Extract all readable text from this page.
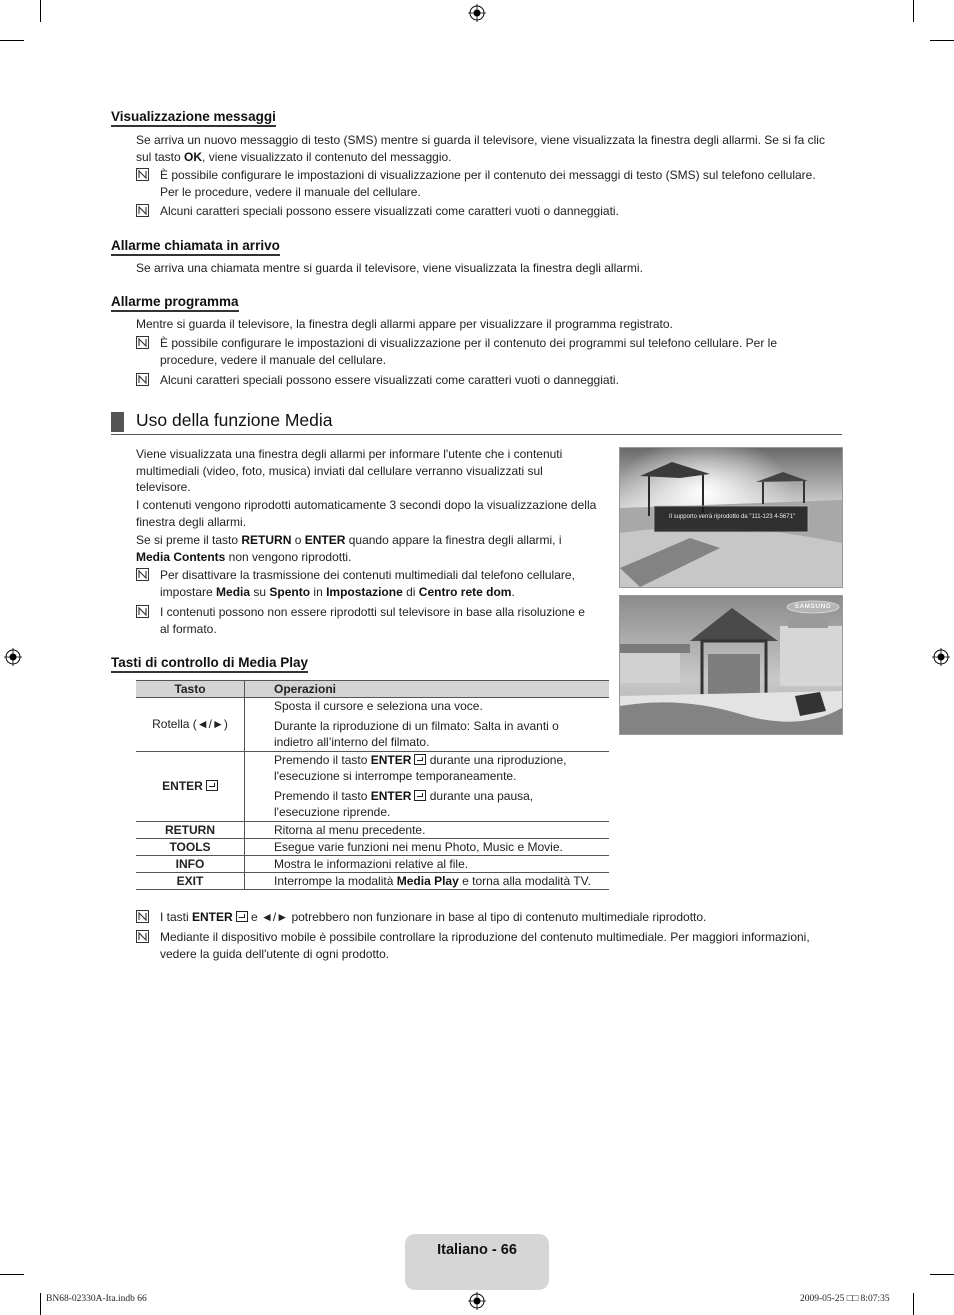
Visualizzazione messaggi
Se arriva un nuovo messaggio di testo (SMS) mentre si guarda il televisore, viene visualizzata la finestra degli allarmi. Se si fa clic
sul tasto OK, viene visualizzato il contenuto del messaggio.
È possibile configurare le impostazioni di visualizzazione per il contenuto dei messaggi di testo (SMS) sul telefono cellulare.
Per le procedure, vedere il manuale del cellulare.
Alcuni caratteri speciali possono essere visualizzati come caratteri vuoti o danneggiati.
Allarme chiamata in arrivo
Se arriva una chiamata mentre si guarda il televisore, viene visualizzata la finestra degli allarmi.
Allarme programma
Mentre si guarda il televisore, la finestra degli allarmi appare per visualizzare il programma registrato.
È possibile configurare le impostazioni di visualizzazione per il contenuto dei programmi sul telefono cellulare. Per le
procedure, vedere il manuale del cellulare.
Alcuni caratteri speciali possono essere visualizzati come caratteri vuoti o danneggiati.
Uso della funzione Media
Viene visualizzata una finestra degli allarmi per informare l'utente che i contenuti
multimediali (video, foto, musica) inviati dal cellulare verranno visualizzati sul
televisore.
I contenuti vengono riprodotti automaticamente 3 secondi dopo la visualizzazione della
finestra degli allarmi.
Se si preme il tasto RETURN o ENTER quando appare la finestra degli allarmi, i
Media Contents non vengono riprodotti.
Per disattivare la trasmissione dei contenuti multimediali dal telefono cellulare,
impostare Media su Spento in Impostazione di Centro rete dom.
I contenuti possono non essere riprodotti sul televisore in base alla risoluzione e
al formato.
Il supporto verrà riprodotto da "111-123 4-5671"
SAMSUNG
Tasti di controllo di Media Play
Tasto	Operazioni
Rotella (◄/►)	Sposta il cursore e seleziona una voce.
Durante la riproduzione di un filmato: Salta in avanti o
indietro all’interno del filmato.

ENTER	Premendo il tasto ENTER durante una riproduzione,
l'esecuzione si interrompe temporaneamente.
Premendo il tasto ENTER durante una pausa,
l'esecuzione riprende.

RETURN	Ritorna al menu precedente.
TOOLS	Esegue varie funzioni nei menu Photo, Music e Movie.
INFO	Mostra le informazioni relative al file.
EXIT	Interrompe la modalità Media Play e torna alla modalità TV.
I tasti ENTER e ◄/► potrebbero non funzionare in base al tipo di contenuto multimediale riprodotto.
Mediante il dispositivo mobile è possibile controllare la riproduzione del contenuto multimediale. Per maggiori informazioni,
vedere la guida dell'utente di ogni prodotto.
Italiano - 66
BN68-02330A-Ita.indb 66	2009-05-25 □□ 8:07:35
